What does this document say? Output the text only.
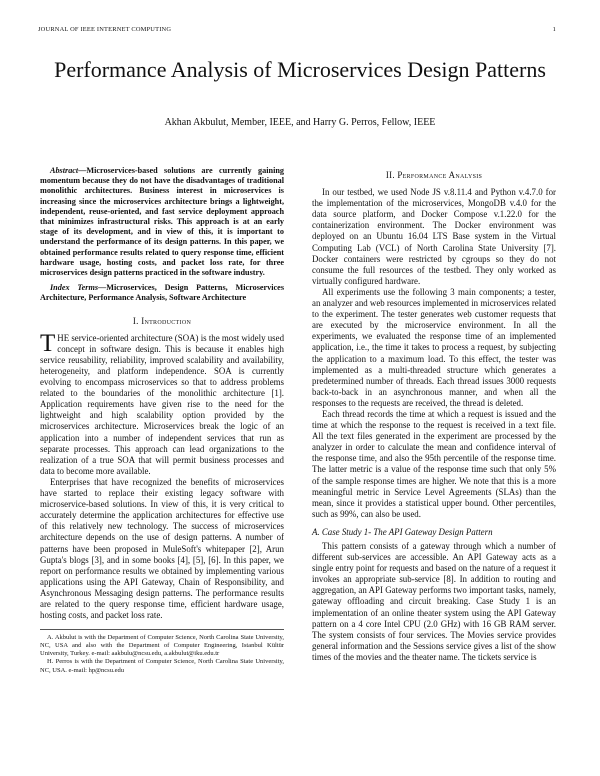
JOURNAL OF IEEE INTERNET COMPUTING	1
Performance Analysis of Microservices Design Patterns
Akhan Akbulut, Member, IEEE, and Harry G. Perros, Fellow, IEEE

Abstract—Microservices-based solutions are currently gaining momentum because they do not have the disadvantages of traditional monolithic architectures. Business interest in microservices is increasing since the microservices architecture brings a lightweight, independent, reuse-oriented, and fast service deployment approach that minimizes infrastructural risks. This approach is at an early stage of its development, and in view of this, it is important to understand the performance of its design patterns. In this paper, we obtained performance results related to query response time, efficient hardware usage, hosting costs, and packet loss rate, for three microservices design patterns practiced in the software industry.

Index Terms—Microservices, Design Patterns, Microservices Architecture, Performance Analysis, Software Architecture

I. Introduction

THE service-oriented architecture (SOA) is the most widely used concept in software design. This is because it enables high service reusability, reliability, improved scalability and availability, heterogeneity, and platform independence. SOA is currently evolving to encompass microservices so that to address problems related to the boundaries of the monolithic architecture [1]. Application requirements have given rise to the need for the lightweight and high scalability option provided by the microservices architecture. Microservices break the logic of an application into a number of independent services that run as separate processes. This approach can lead organizations to the realization of a true SOA that will permit business processes and data to become more available.

Enterprises that have recognized the benefits of microservices have started to replace their existing legacy software with microservice-based solutions. In view of this, it is very critical to accurately determine the application architectures for effective use of this relatively new technology. The success of microservices architecture depends on the use of design patterns. A number of patterns have been proposed in MuleSoft's whitepaper [2], Arun Gupta's blogs [3], and in some books [4], [5], [6]. In this paper, we report on performance results we obtained by implementing various applications using the API Gateway, Chain of Responsibility, and Asynchronous Messaging design patterns. The performance results are related to the query response time, efficient hardware usage, hosting costs, and packet loss rate.

A. Akbulut is with the Department of Computer Science, North Carolina State University, NC, USA and also with the Department of Computer Engineering, Istanbul Kültür University, Turkey. e-mail: aakbulu@ncsu.edu, a.akbulut@iku.edu.tr

H. Perros is with the Department of Computer Science, North Carolina State University, NC, USA. e-mail: hp@ncsu.edu

II. Performance Analysis

In our testbed, we used Node JS v.8.11.4 and Python v.4.7.0 for the implementation of the microservices, MongoDB v.4.0 for the data source platform, and Docker Compose v.1.22.0 for the containerization environment. The Docker environment was deployed on an Ubuntu 16.04 LTS Base system in the Virtual Computing Lab (VCL) of North Carolina State University [7]. Docker containers were restricted by cgroups so they do not consume the full resources of the testbed. They only worked as virtually configured hardware.

All experiments use the following 3 main components; a tester, an analyzer and web resources implemented in microservices related to the experiment. The tester generates web customer requests that are executed by the microservice environment. In all the experiments, we evaluated the response time of an implemented application, i.e., the time it takes to process a request, by subjecting the application to a maximum load. To this effect, the tester was implemented as a multi-threaded structure which generates a predetermined number of threads. Each thread issues 3000 requests back-to-back in an asynchronous manner, and when all the responses to the requests are received, the thread is deleted.

Each thread records the time at which a request is issued and the time at which the response to the request is received in a text file. All the text files generated in the experiment are processed by the analyzer in order to calculate the mean and confidence interval of the response time, and also the 95th percentile of the response time. The latter metric is a value of the response time such that only 5% of the sample response times are higher. We note that this is a more meaningful metric in Service Level Agreements (SLAs) than the mean, since it provides a statistical upper bound. Other percentiles, such as 99%, can also be used.

A. Case Study 1- The API Gateway Design Pattern

This pattern consists of a gateway through which a number of different sub-services are accessible. An API Gateway acts as a single entry point for requests and based on the nature of a request it invokes an appropriate sub-service [8]. In addition to routing and aggregation, an API Gateway performs two important tasks, namely, gateway offloading and circuit breaking. Case Study 1 is an implementation of an online theater system using the API Gateway pattern on a 4 core Intel CPU (2.0 GHz) with 16 GB RAM server. The system consists of four services. The Movies service provides general information and the Sessions service gives a list of the show times of the movies and the theater name. The tickets service is
